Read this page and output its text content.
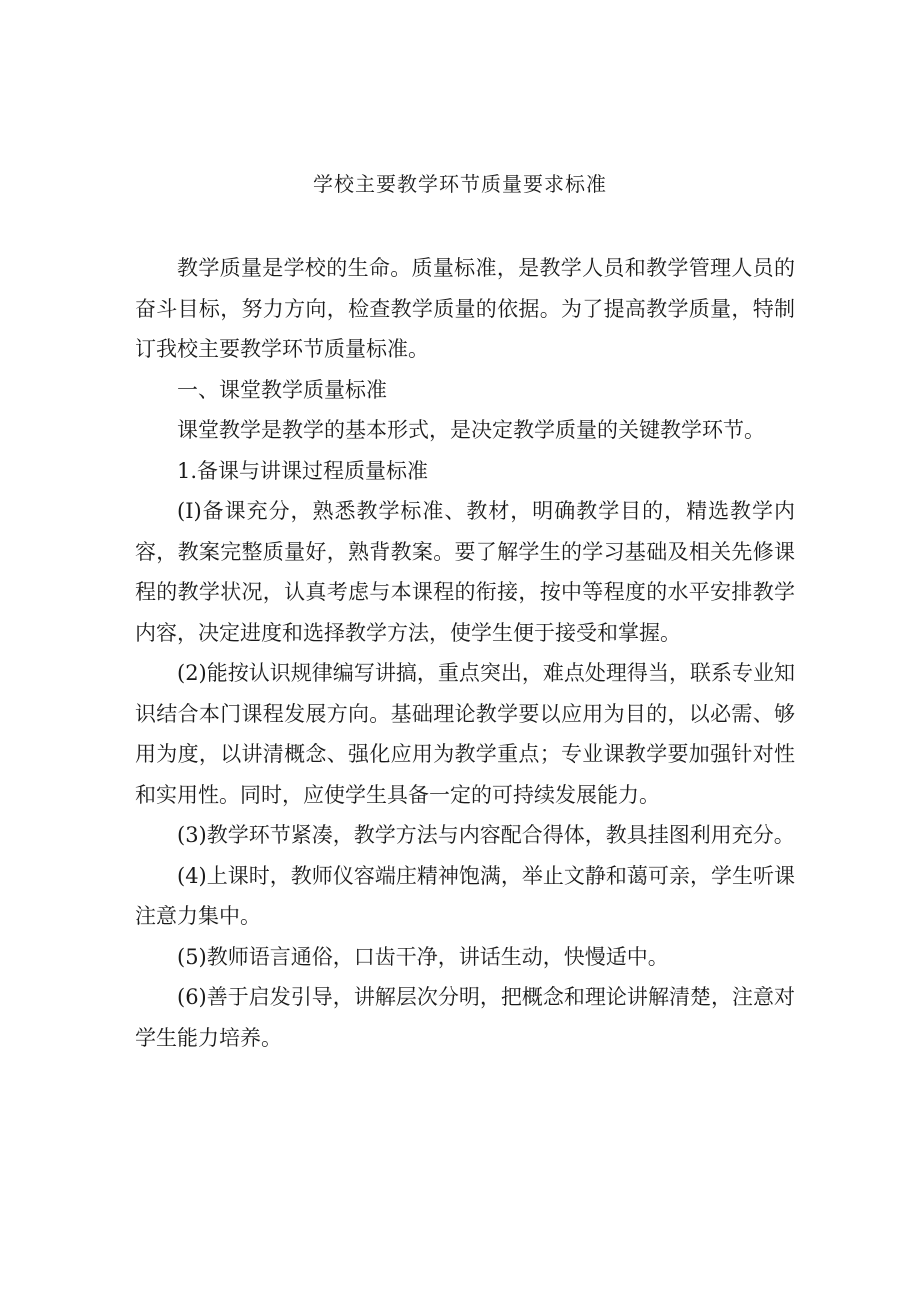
学校主要教学环节质量要求标准

教学质量是学校的生命。质量标准，是教学人员和教学管理人员的奋斗目标，努力方向，检查教学质量的依据。为了提高教学质量，特制订我校主要教学环节质量标准。

一、课堂教学质量标准

课堂教学是教学的基本形式，是决定教学质量的关键教学环节。

1.备课与讲课过程质量标准

(I)备课充分，熟悉教学标准、教材，明确教学目的，精选教学内容，教案完整质量好，熟背教案。要了解学生的学习基础及相关先修课程的教学状况，认真考虑与本课程的衔接，按中等程度的水平安排教学内容，决定进度和选择教学方法，使学生便于接受和掌握。

(2)能按认识规律编写讲搞，重点突出，难点处理得当，联系专业知识结合本门课程发展方向。基础理论教学要以应用为目的，以必需、够用为度，以讲清概念、强化应用为教学重点；专业课教学要加强针对性和实用性。同时，应使学生具备一定的可持续发展能力。

(3)教学环节紧凑，教学方法与内容配合得体，教具挂图利用充分。

(4)上课时，教师仪容端庄精神饱满，举止文静和蔼可亲，学生听课注意力集中。

(5)教师语言通俗，口齿干净，讲话生动，快慢适中。

(6)善于启发引导，讲解层次分明，把概念和理论讲解清楚，注意对学生能力培养。
